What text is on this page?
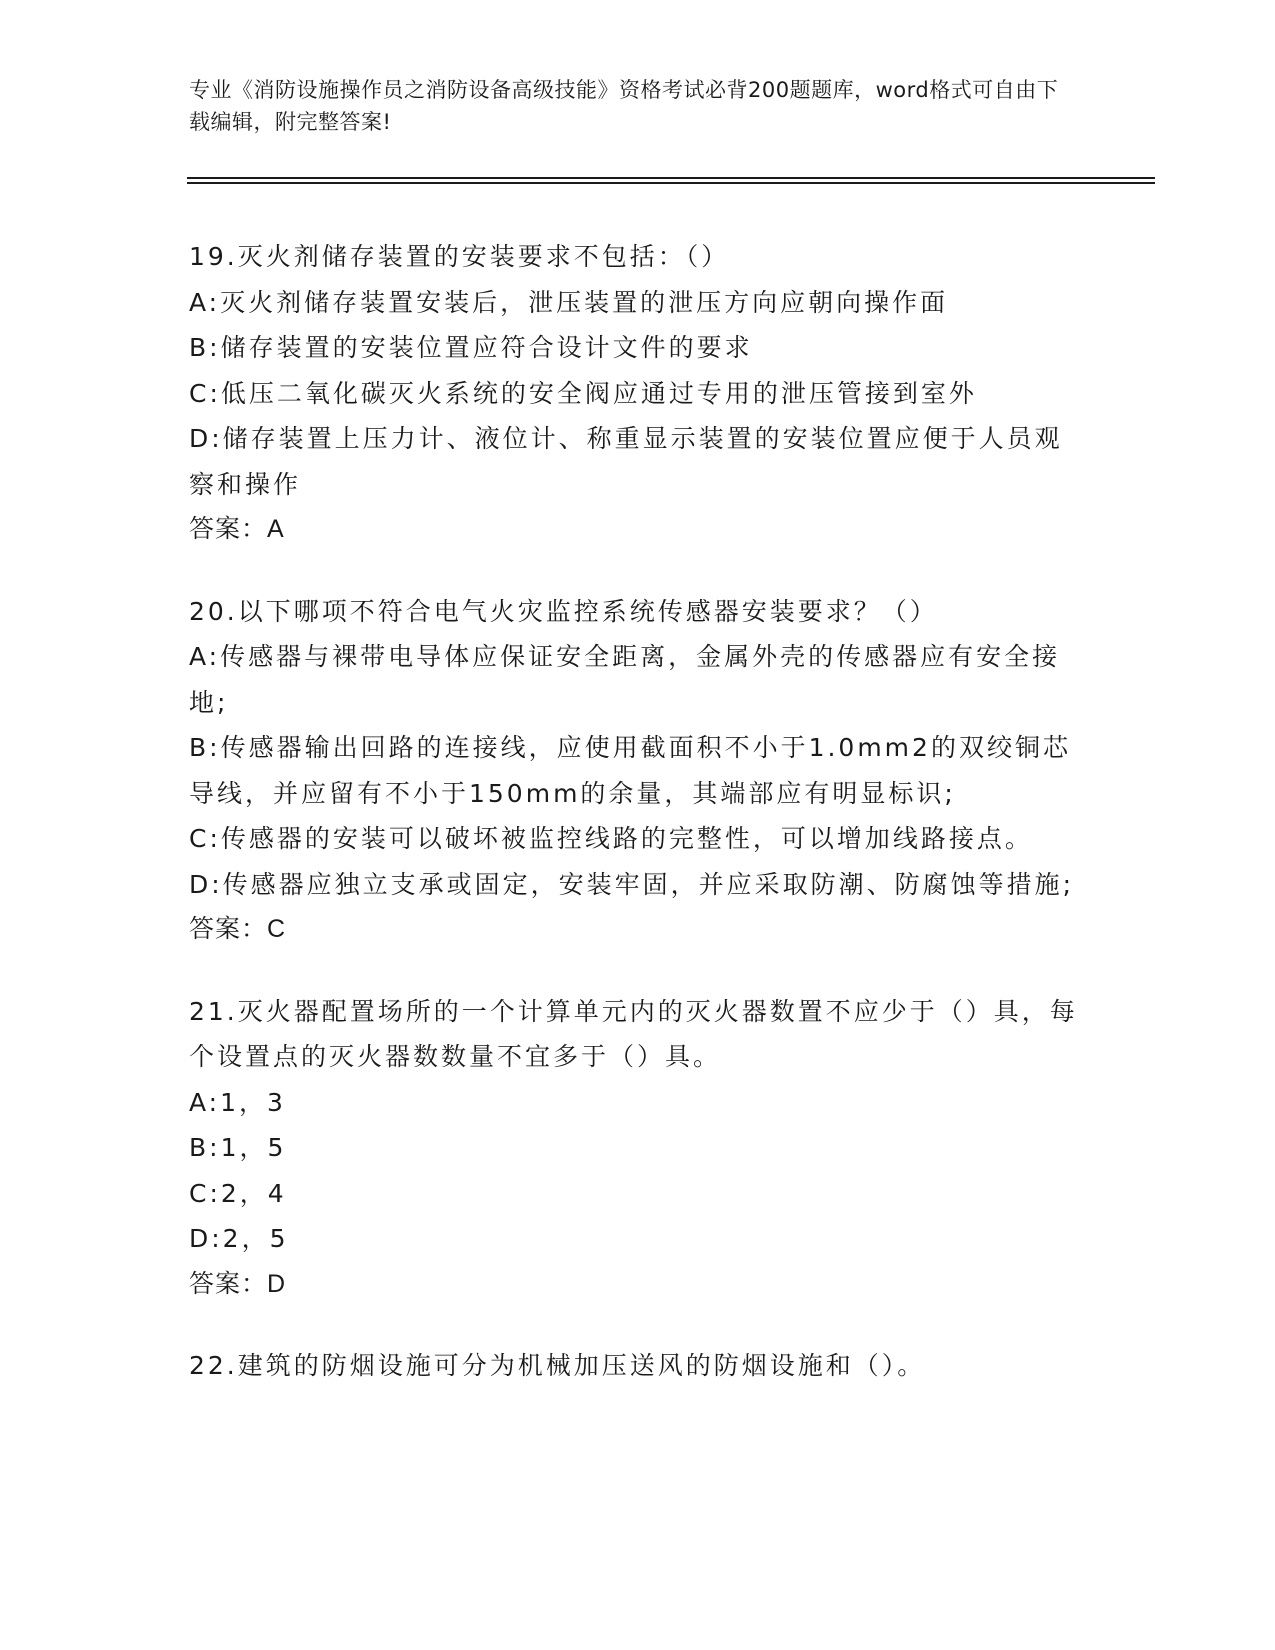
专业《消防设施操作员之消防设备高级技能》资格考试必背200题题库，word格式可自由下载编辑，附完整答案!
19.灭火剂储存装置的安装要求不包括：（）
A:灭火剂储存装置安装后，泄压装置的泄压方向应朝向操作面
B:储存装置的安装位置应符合设计文件的要求
C:低压二氧化碳灭火系统的安全阀应通过专用的泄压管接到室外
D:储存装置上压力计、液位计、称重显示装置的安装位置应便于人员观察和操作
答案：A
20.以下哪项不符合电气火灾监控系统传感器安装要求？（）
A:传感器与裸带电导体应保证安全距离，金属外壳的传感器应有安全接地;
B:传感器输出回路的连接线，应使用截面积不小于1.0mm2的双绞铜芯导线，并应留有不小于150mm的余量，其端部应有明显标识;
C:传感器的安装可以破坏被监控线路的完整性，可以增加线路接点。
D:传感器应独立支承或固定，安装牢固，并应采取防潮、防腐蚀等措施;
答案：C
21.灭火器配置场所的一个计算单元内的灭火器数置不应少于（）具，每个设置点的灭火器数数量不宜多于（）具。
A:1，3
B:1，5
C:2，4
D:2，5
答案：D
22.建筑的防烟设施可分为机械加压送风的防烟设施和（）。
